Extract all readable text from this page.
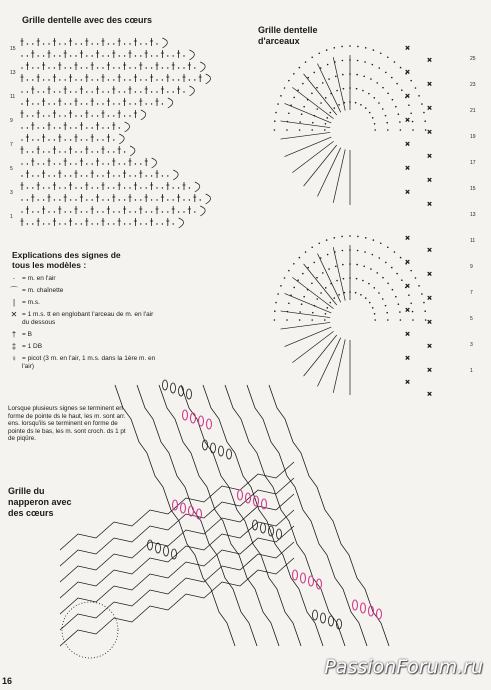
Grille dentelle avec des cœurs
Grille dentelle d'arceaux
Grille du napperon avec des cœurs
15
13
11
9
7
5
3
1
✕
✕
✕
✕
✕
✕
✕
✕
✕
✕
✕
✕
✕
✕
✕
✕
✕
✕
✕
✕
✕
✕
✕
✕
✕
✕
✕
✕
25
23
21
19
17
15
13
11
9
7
5
3
1
Explications des signes de tous les modèles :
·	= m. en l'air
⌒ = m. chaînette
|	= m.s.
✕ = 1 m.s. tt en englobant l'arceau de m. en l'air du dessous
† = B
‡ = 1 DB
♀ = picot (3 m. en l'air, 1 m.s. dans la 1ère m. en l'air)
Lorsque plusieurs signes se terminent en forme de pointe ds le haut, les m. sont arr. ens. lorsqu'ils se terminent en forme de pointe ds le bas, les m. sont croch. ds 1 pt de piqûre.
16
PassionForum.ru
